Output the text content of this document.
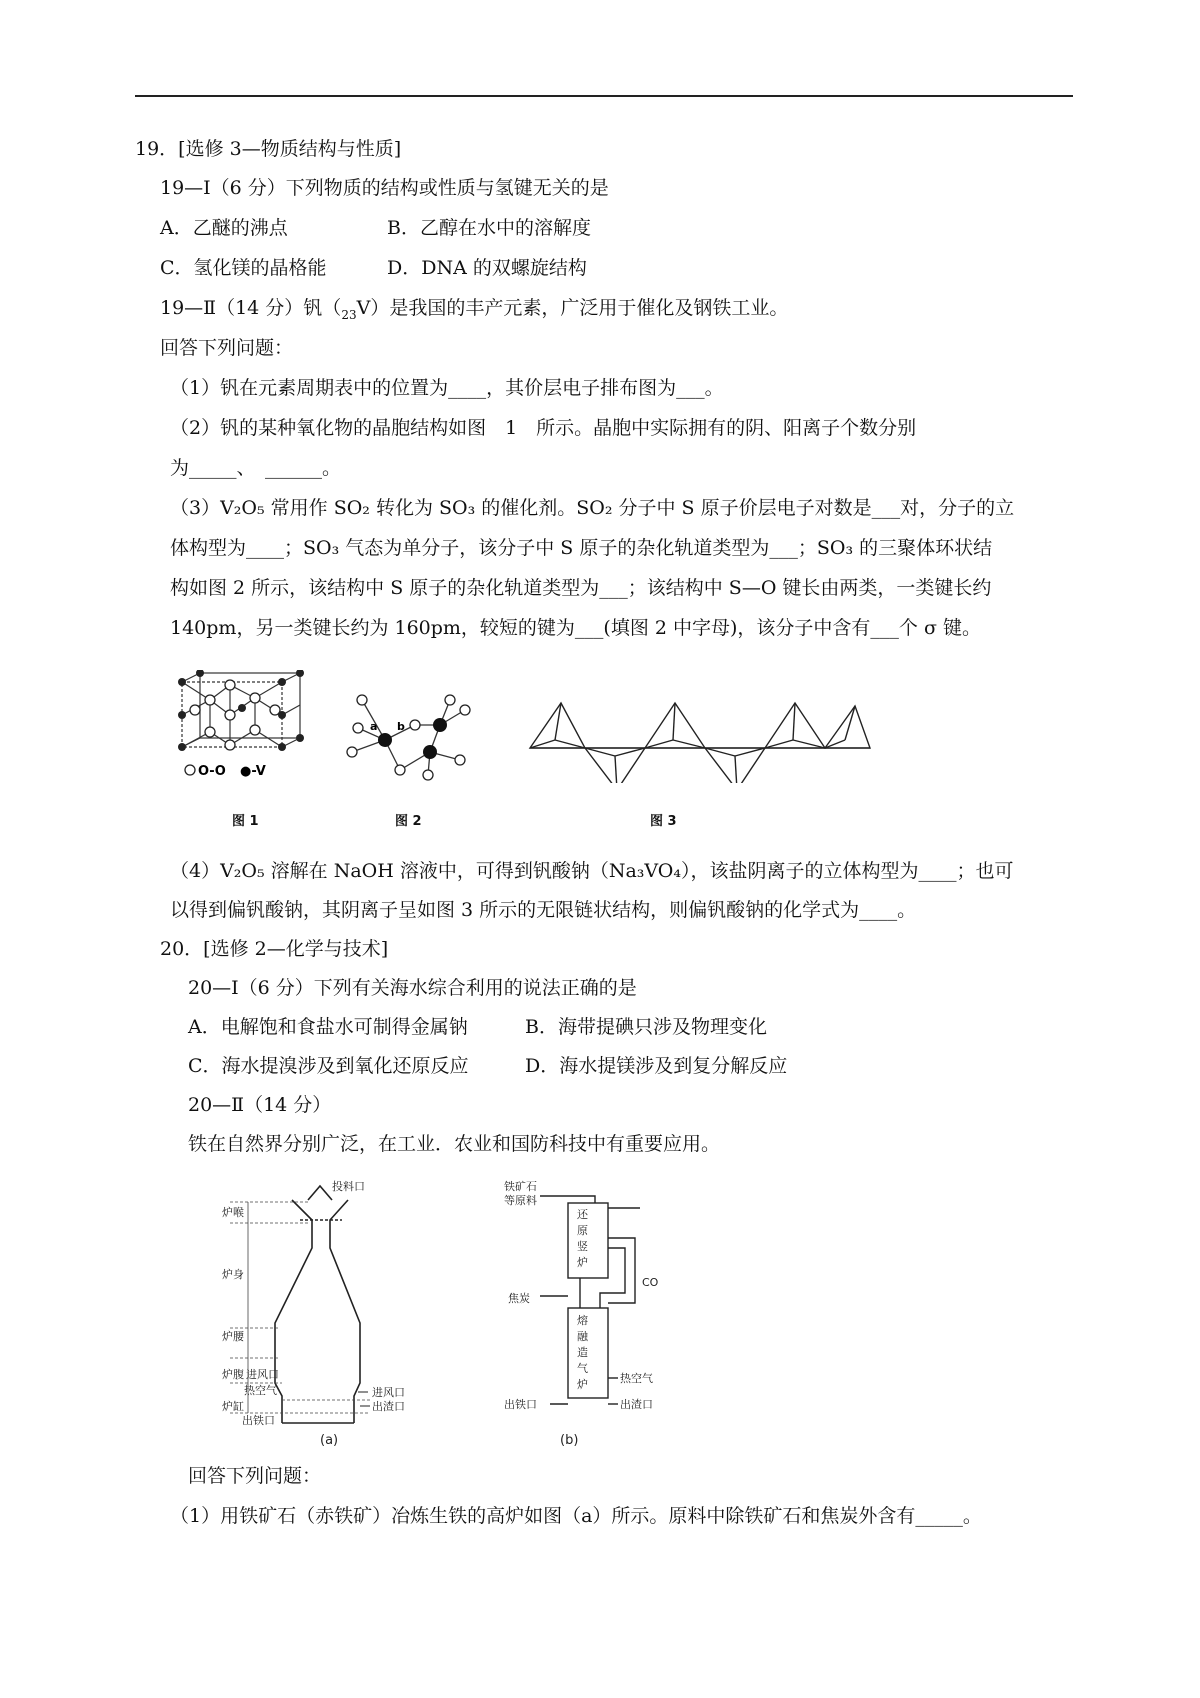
19．[选修 3—物质结构与性质]
19—Ⅰ（6 分）下列物质的结构或性质与氢键无关的是
A．乙醚的沸点	B．乙醇在水中的溶解度
C．氢化镁的晶格能	D．DNA 的双螺旋结构
19—Ⅱ（14 分）钒$(_{23}V)$是我国的丰产元素，广泛用于催化及钢铁工业。
回答下列问题：
（1）钒在元素周期表中的位置为____，其价层电子排布图为___。
（2）钒的某种氧化物的晶胞结构如图　1　所示。晶胞中实际拥有的阴、阳离子个数分别
为_____、　______。
（3）V₂O₅ 常用作 SO₂ 转化为 SO₃ 的催化剂。SO₂ 分子中 S 原子价层电子对数是___对，分子的立
体构型为____；SO₃ 气态为单分子，该分子中 S 原子的杂化轨道类型为___；SO₃ 的三聚体环状结
构如图 2 所示，该结构中 S 原子的杂化轨道类型为___；该结构中 S—O 键长由两类，一类键长约
140pm，另一类键长约为 160pm，较短的键为___(填图 2 中字母)，该分子中含有___个 σ 键。
O-O ●-V
图 1
a b
图 2	图 3
（4）V₂O₅ 溶解在 NaOH 溶液中，可得到钒酸钠（Na₃VO₄），该盐阴离子的立体构型为____；也可
以得到偏钒酸钠，其阴离子呈如图 3 所示的无限链状结构，则偏钒酸钠的化学式为____。
20．[选修 2—化学与技术]
20—Ⅰ（6 分）下列有关海水综合利用的说法正确的是
A．电解饱和食盐水可制得金属钠	B．海带提碘只涉及物理变化
C．海水提溴涉及到氧化还原反应	D．海水提镁涉及到复分解反应
20—Ⅱ（14 分）
铁在自然界分别广泛，在工业．农业和国防科技中有重要应用。
投料口
炉喉
炉身
炉腰
炉腹 进风口
热空气
炉缸
出铁口
进风口
出渣口
(a)
铁矿石
等原料
焦炭
CO
还
原
竖
炉
熔
融
造
气
炉	热空气
出铁口	出渣口
(b)
回答下列问题：
（1）用铁矿石（赤铁矿）冶炼生铁的高炉如图（a）所示。原料中除铁矿石和焦炭外含有_____。
